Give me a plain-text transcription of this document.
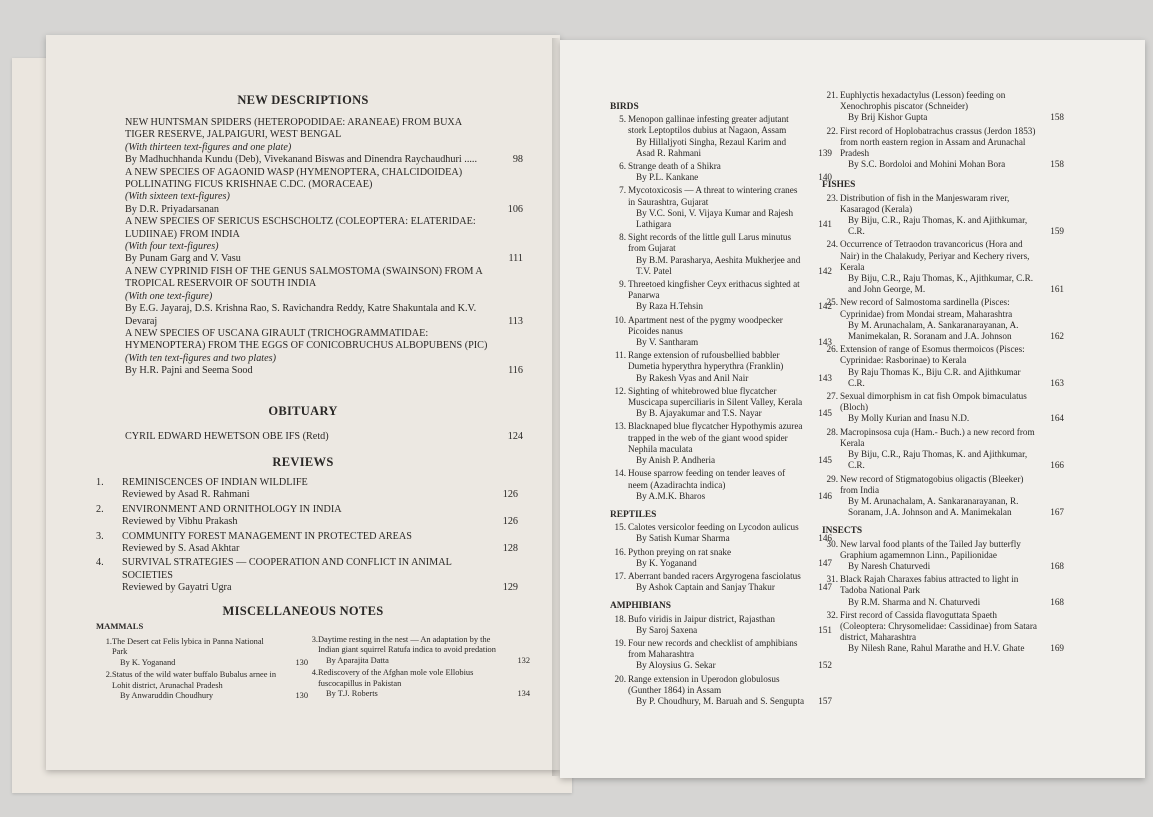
NEW DESCRIPTIONS
NEW HUNTSMAN SPIDERS (HETEROPODIDAE: ARANEAE) FROM BUXA TIGER RESERVE, JALPAIGURI, WEST BENGAL
(With thirteen text-figures and one plate)
By Madhuchhanda Kundu (Deb), Vivekanand Biswas and Dinendra Raychaudhuri .....	98
A NEW SPECIES OF AGAONID WASP (HYMENOPTERA, CHALCIDOIDEA) POLLINATING FICUS KRISHNAE C.DC. (MORACEAE)
(With sixteen text-figures)
By D.R. Priyadarsanan	106
A NEW SPECIES OF SERICUS ESCHSCHOLTZ (COLEOPTERA: ELATERIDAE: LUDIINAE) FROM INDIA
(With four text-figures)
By Punam Garg and V. Vasu	111
A NEW CYPRINID FISH OF THE GENUS SALMOSTOMA (SWAINSON) FROM A TROPICAL RESERVOIR OF SOUTH INDIA
(With one text-figure)
By E.G. Jayaraj, D.S. Krishna Rao, S. Ravichandra Reddy, Katre Shakuntala and K.V. Devaraj	113
A NEW SPECIES OF USCANA GIRAULT (TRICHOGRAMMATIDAE: HYMENOPTERA) FROM THE EGGS OF CONICOBRUCHUS ALBOPUBENS (PIC)
(With ten text-figures and two plates)
By H.R. Pajni and Seema Sood	116
OBITUARY
CYRIL EDWARD HEWETSON OBE IFS (Retd)	124
REVIEWS
1. REMINISCENCES OF INDIAN WILDLIFE
Reviewed by Asad R. Rahmani	126
2. ENVIRONMENT AND ORNITHOLOGY IN INDIA
Reviewed by Vibhu Prakash	126
3. COMMUNITY FOREST MANAGEMENT IN PROTECTED AREAS
Reviewed by S. Asad Akhtar	128
4. SURVIVAL STRATEGIES — COOPERATION AND CONFLICT IN ANIMAL SOCIETIES
Reviewed by Gayatri Ugra	129
MISCELLANEOUS NOTES
MAMMALS
1. The Desert cat Felis lybica in Panna National Park
By K. Yoganand	130
2. Status of the wild water buffalo Bubalus arnee in Lohit district, Arunachal Pradesh
By Anwaruddin Choudhury	130
3. Daytime resting in the nest — An adaptation by the Indian giant squirrel Ratufa indica to avoid predation
By Aparajita Datta	132
4. Rediscovery of the Afghan mole vole Ellobius fuscocapillus in Pakistan
By T.J. Roberts	134
BIRDS
5. Menopon gallinae infesting greater adjutant stork Leptoptilos dubius at Nagaon, Assam
By Hillaljyoti Singha, Rezaul Karim and Asad R. Rahmani	139
6. Strange death of a Shikra
By P.L. Kankane	140
7. Mycotoxicosis — A threat to wintering cranes in Saurashtra, Gujarat
By V.C. Soni, V. Vijaya Kumar and Rajesh Lathigara	141
8. Sight records of the little gull Larus minutus from Gujarat
By B.M. Parasharya, Aeshita Mukherjee and T.V. Patel	142
9. Threetoed kingfisher Ceyx erithacus sighted at Panarwa
By Raza H.Tehsin	142
10. Apartment nest of the pygmy woodpecker Picoides nanus
By V. Santharam	143
11. Range extension of rufousbellied babbler Dumetia hyperythra hyperythra (Franklin)
By Rakesh Vyas and Anil Nair	143
12. Sighting of whitebrowed blue flycatcher Muscicapa superciliaris in Silent Valley, Kerala
By B. Ajayakumar and T.S. Nayar	145
13. Blacknaped blue flycatcher Hypothymis azurea trapped in the web of the giant wood spider Nephila maculata
By Anish P. Andheria	145
14. House sparrow feeding on tender leaves of neem (Azadirachta indica)
By A.M.K. Bharos	146
REPTILES
15. Calotes versicolor feeding on Lycodon aulicus
By Satish Kumar Sharma	146
16. Python preying on rat snake
By K. Yoganand	147
17. Aberrant banded racers Argyrogena fasciolatus
By Ashok Captain and Sanjay Thakur	147
AMPHIBIANS
18. Bufo viridis in Jaipur district, Rajasthan
By Saroj Saxena	151
19. Four new records and checklist of amphibians from Maharashtra
By Aloysius G. Sekar	152
20. Range extension in Uperodon globulosus (Gunther 1864) in Assam
By P. Choudhury, M. Baruah and S. Sengupta 157
21. Euphlyctis hexadactylus (Lesson) feeding on Xenochrophis piscator (Schneider)
By Brij Kishor Gupta	158
22. First record of Hoplobatrachus crassus (Jerdon 1853) from north eastern region in Assam and Arunachal Pradesh
By S.C. Bordoloi and Mohini Mohan Bora	158
FISHES
23. Distribution of fish in the Manjeswaram river, Kasaragod (Kerala)
By Biju, C.R., Raju Thomas, K. and Ajithkumar, C.R.	159
24. Occurrence of Tetraodon travancoricus (Hora and Nair) in the Chalakudy, Periyar and Kechery rivers, Kerala
By Biju, C.R., Raju Thomas, K., Ajithkumar, C.R. and John George, M.	161
25. New record of Salmostoma sardinella (Pisces: Cyprinidae) from Mondai stream, Maharashtra
By M. Arunachalam, A. Sankaranarayanan, A. Manimekalan, R. Soranam and J.A. Johnson	162
26. Extension of range of Esomus thermoicos (Pisces: Cyprinidae: Rasborinae) to Kerala
By Raju Thomas K., Biju C.R. and Ajithkumar C.R.	163
27. Sexual dimorphism in cat fish Ompok bimaculatus (Bloch)
By Molly Kurian and Inasu N.D.	164
28. Macropinsosa cuja (Ham.- Buch.) a new record from Kerala
By Biju, C.R., Raju Thomas, K. and Ajithkumar, C.R.	166
29. New record of Stigmatogobius oligactis (Bleeker) from India
By M. Arunachalam, A. Sankaranarayanan, R. Soranam, J.A. Johnson and A. Manimekalan	167
INSECTS
30. New larval food plants of the Tailed Jay butterfly Graphium agamemnon Linn., Papilionidae
By Naresh Chaturvedi	168
31. Black Rajah Charaxes fabius attracted to light in Tadoba National Park
By R.M. Sharma and N. Chaturvedi	168
32. First record of Cassida flavoguttata Spaeth (Coleoptera: Chrysomelidae: Cassidinae) from Satara district, Maharashtra
By Nilesh Rane, Rahul Marathe and H.V. Ghate	169
